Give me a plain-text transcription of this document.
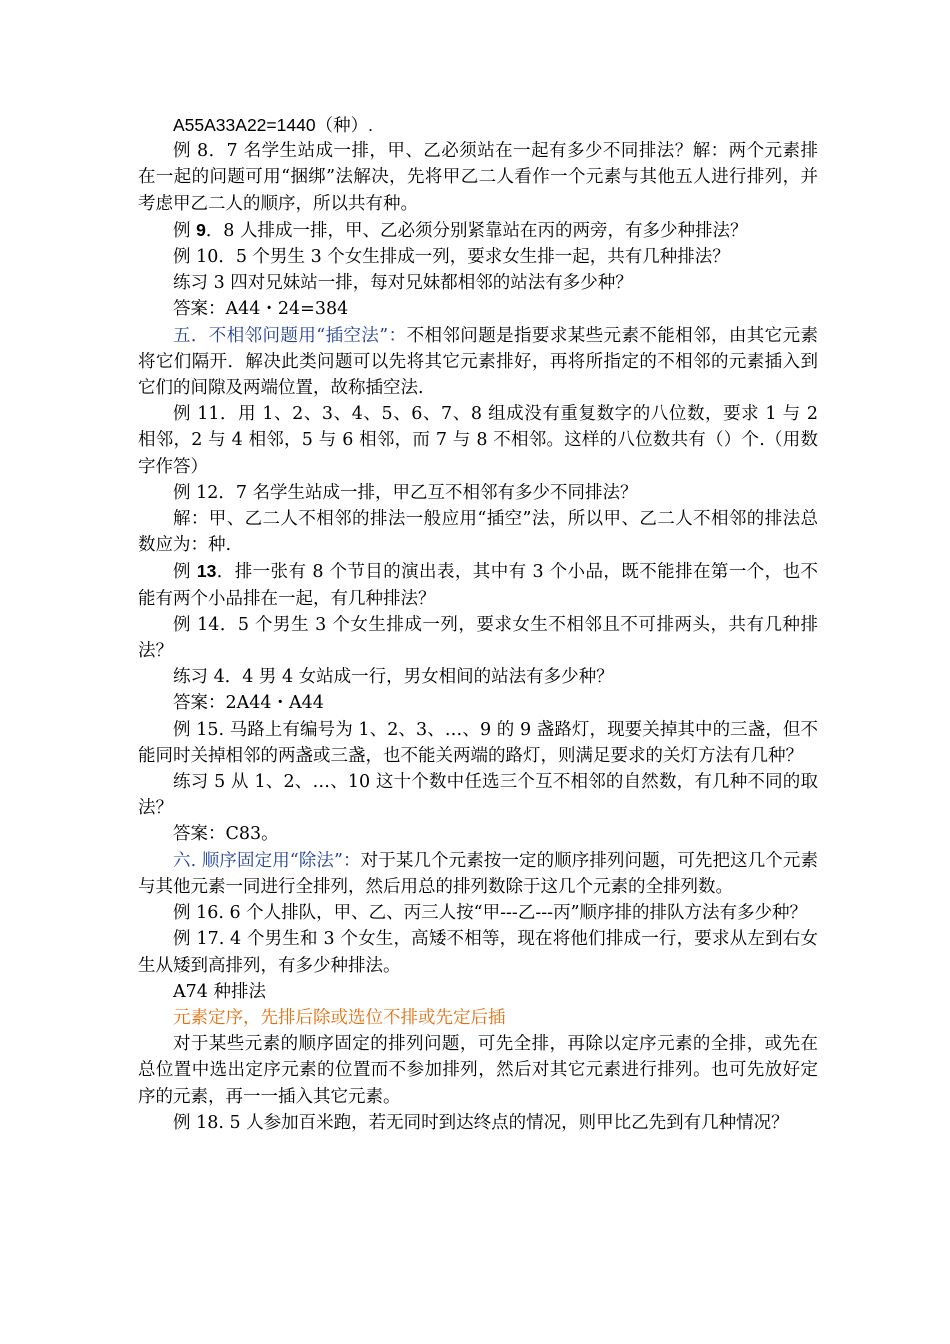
A55A33A22=1440（种）.

例 8．7 名学生站成一排，甲、乙必须站在一起有多少不同排法？解：两个元素排在一起的问题可用“捆绑”法解决，先将甲乙二人看作一个元素与其他五人进行排列，并考虑甲乙二人的顺序，所以共有种。

例 9．8 人排成一排，甲、乙必须分别紧靠站在丙的两旁，有多少种排法？

例 10．5 个男生 3 个女生排成一列，要求女生排一起，共有几种排法？

练习 3 四对兄妹站一排，每对兄妹都相邻的站法有多少种？

答案：A44・24=384

五．不相邻问题用“插空法”：不相邻问题是指要求某些元素不能相邻，由其它元素将它们隔开．解决此类问题可以先将其它元素排好，再将所指定的不相邻的元素插入到它们的间隙及两端位置，故称插空法.

例 11．用 1、2、3、4、5、6、7、8 组成没有重复数字的八位数，要求 1 与 2 相邻，2 与 4 相邻，5 与 6 相邻，而 7 与 8 不相邻。这样的八位数共有（）个.（用数字作答）

例 12．7 名学生站成一排，甲乙互不相邻有多少不同排法？

解：甲、乙二人不相邻的排法一般应用“插空”法，所以甲、乙二人不相邻的排法总数应为：种.

例 13．排一张有 8 个节目的演出表，其中有 3 个小品，既不能排在第一个，也不能有两个小品排在一起，有几种排法？

例 14．5 个男生 3 个女生排成一列，要求女生不相邻且不可排两头，共有几种排法？

练习 4．4 男 4 女站成一行，男女相间的站法有多少种？

答案：2A44・A44

例 15. 马路上有编号为 1、2、3、…、9 的 9 盏路灯，现要关掉其中的三盏，但不能同时关掉相邻的两盏或三盏，也不能关两端的路灯，则满足要求的关灯方法有几种？

练习 5 从 1、2、…、10 这十个数中任选三个互不相邻的自然数，有几种不同的取法？

答案：C83。

六. 顺序固定用“除法”：对于某几个元素按一定的顺序排列问题，可先把这几个元素与其他元素一同进行全排列，然后用总的排列数除于这几个元素的全排列数。

例 16. 6 个人排队，甲、乙、丙三人按“甲---乙---丙”顺序排的排队方法有多少种？

例 17. 4 个男生和 3 个女生，高矮不相等，现在将他们排成一行，要求从左到右女生从矮到高排列，有多少种排法。

A74 种排法

元素定序，先排后除或选位不排或先定后插

对于某些元素的顺序固定的排列问题，可先全排，再除以定序元素的全排，或先在总位置中选出定序元素的位置而不参加排列，然后对其它元素进行排列。也可先放好定序的元素，再一一插入其它元素。

例 18. 5 人参加百米跑，若无同时到达终点的情况，则甲比乙先到有几种情况？
